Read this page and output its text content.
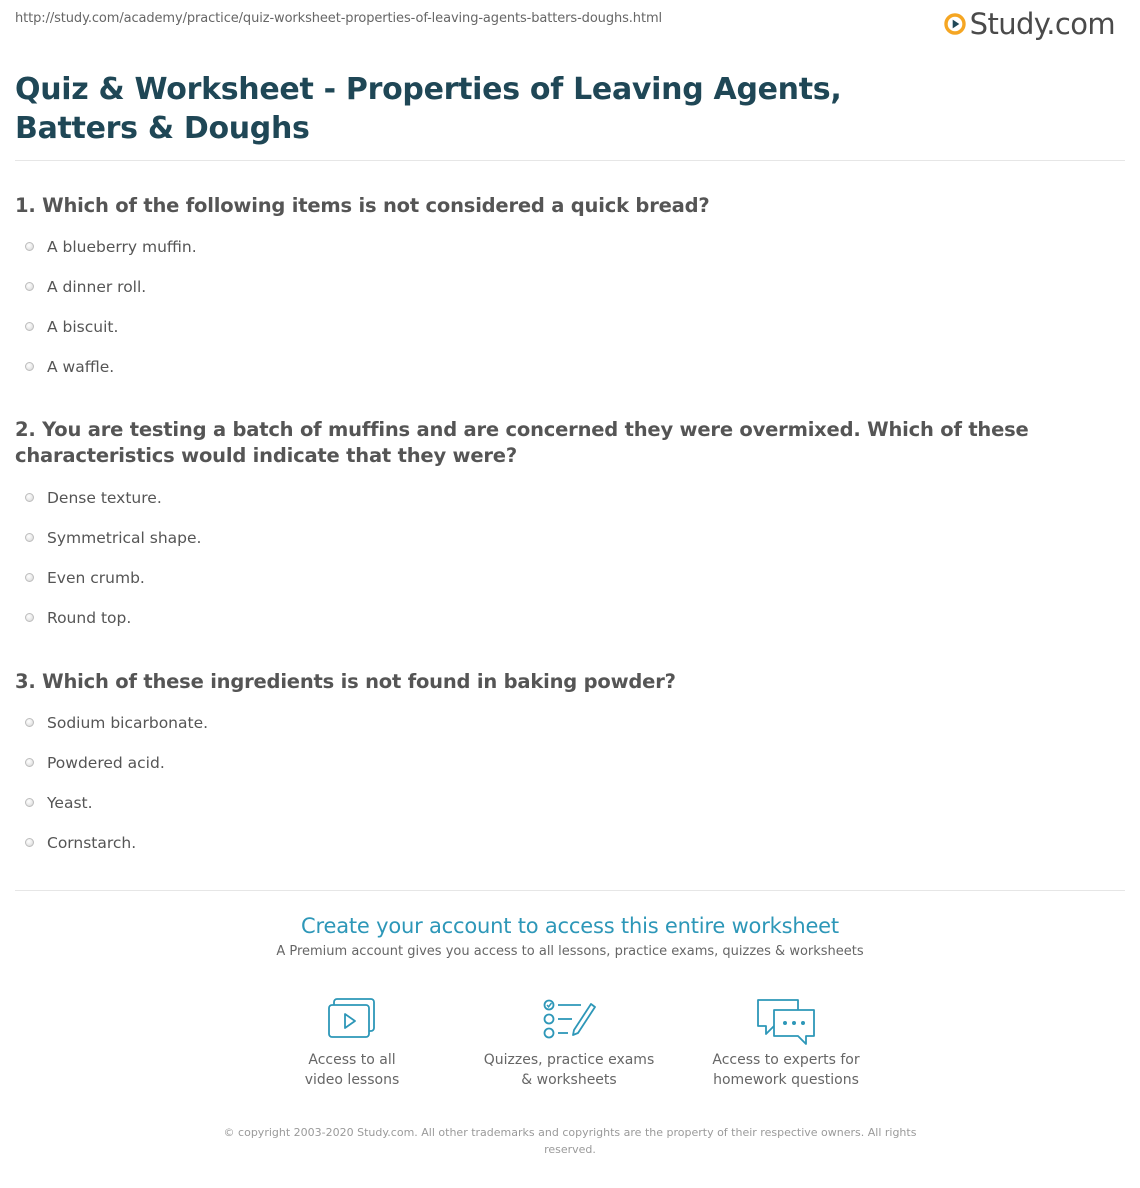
http://study.com/academy/practice/quiz-worksheet-properties-of-leaving-agents-batters-doughs.html	Study.com
Quiz & Worksheet - Properties of Leaving Agents, Batters & Doughs

1. Which of the following items is not considered a quick bread?

A blueberry muffin.
A dinner roll.
A biscuit.
A waffle.

2. You are testing a batch of muffins and are concerned they were overmixed. Which of these characteristics would indicate that they were?

Dense texture.
Symmetrical shape.
Even crumb.
Round top.

3. Which of these ingredients is not found in baking powder?

Sodium bicarbonate.
Powdered acid.
Yeast.
Cornstarch.
Create your account to access this entire worksheet
A Premium account gives you access to all lessons, practice exams, quizzes & worksheets
Access to all
video lessons
Quizzes, practice exams
& worksheets
Access to experts for
homework questions
© copyright 2003-2020 Study.com. All other trademarks and copyrights are the property of their respective owners. All rights reserved.
